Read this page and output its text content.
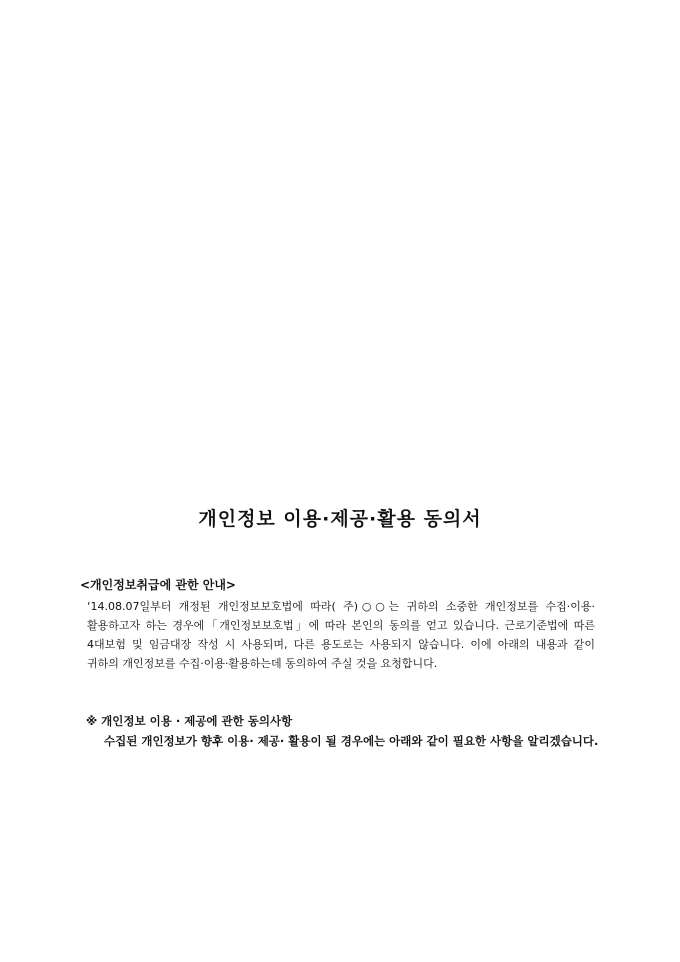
개인정보 이용·제공·활용 동의서

<개인정보취급에 관한 안내>

‘14.08.07일부터 개정된 개인정보보호법에 따라( 주)○○는 귀하의 소중한 개인정보를 수집·이용·활용하고자 하는 경우에「개인정보보호법」에 따라 본인의 동의를 얻고 있습니다. 근로기준법에 따른 4대보험 및 임금대장 작성 시 사용되며, 다른 용도로는 사용되지 않습니다. 이에 아래의 내용과 같이 귀하의 개인정보를 수집·이용·활용하는데 동의하여 주실 것을 요청합니다.

※ 개인정보 이용 · 제공에 관한 동의사항

수집된 개인정보가 향후 이용· 제공· 활용이 될 경우에는 아래와 같이 필요한 사항을 알리겠습니다.
